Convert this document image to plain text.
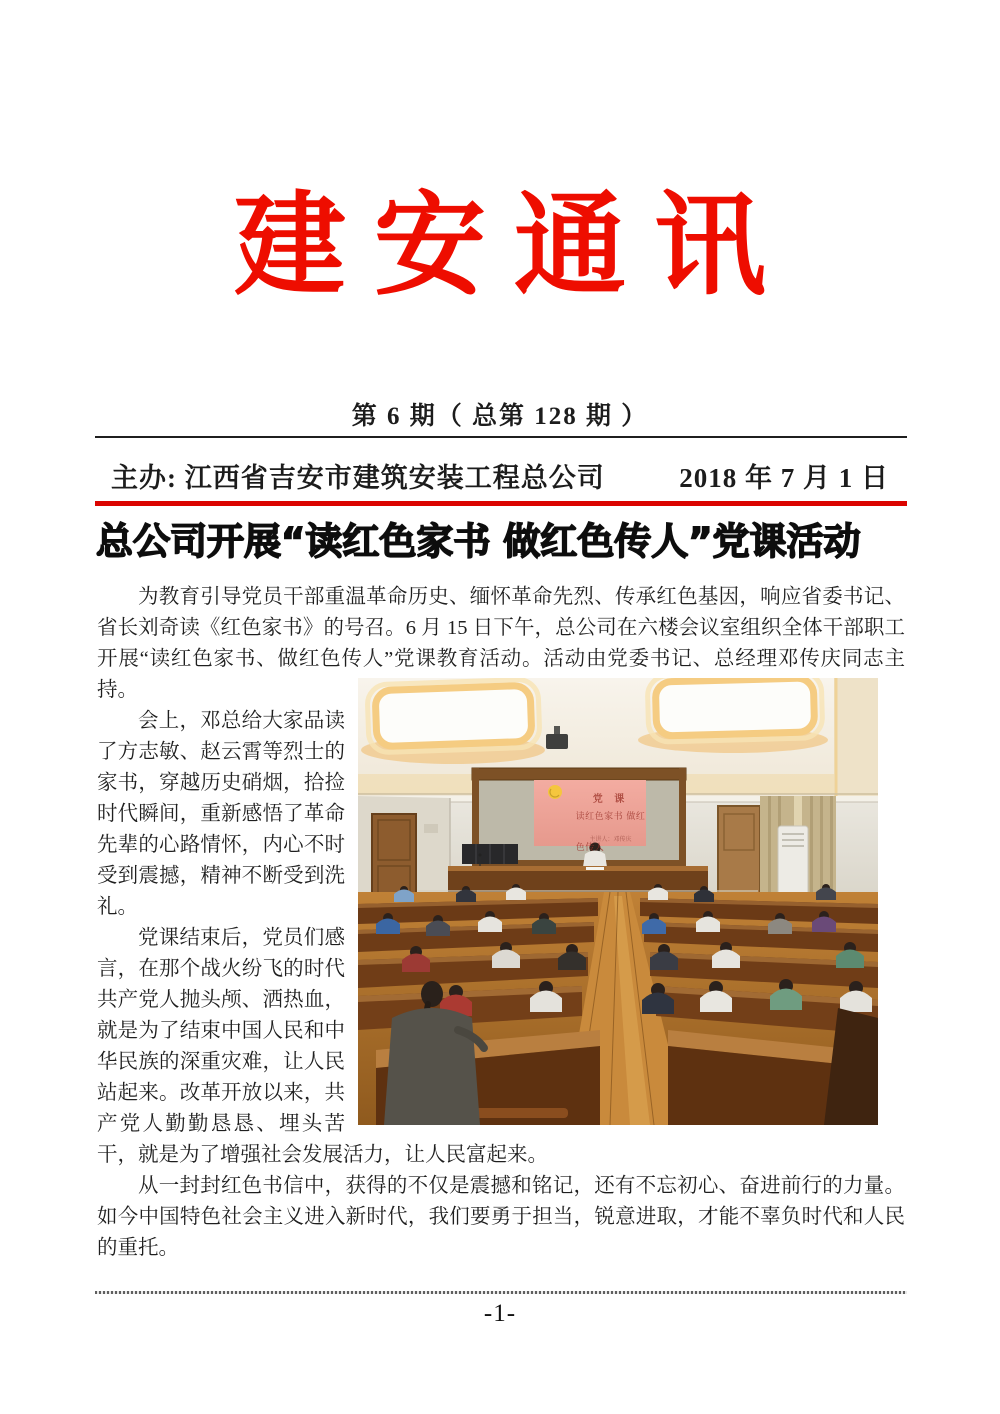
建 安 通 讯
第 6 期（ 总第 128 期 ）
主办: 江西省吉安市建筑安装工程总公司	2018 年 7 月 1 日
总公司开展“读红色家书 做红色传人”党课活动

为教育引导党员干部重温革命历史、缅怀革命先烈、传承红色基因，响应省委书记、省长刘奇读《红色家书》的号召。6 月 15 日下午，总公司在六楼会议室组织全体干部职工开展“读红色家书、做红色传人”党课教育活动。活动由党委书记、总经理邓传庆同志
党 课
读红色家书 做红色传人
主讲人：邓传庆
主持。

会上，邓总给大家品读了方志敏、赵云霄等烈士的家书，穿越历史硝烟，拾捡时代瞬间，重新感悟了革命先辈的心路情怀，内心不时受到震撼，精神不断受到洗礼。

党课结束后，党员们感言，在那个战火纷飞的时代共产党人抛头颅、洒热血，就是为了结束中国人民和中华民族的深重灾难，让人民站起来。改革开放以来，共产党人勤勤恳恳、埋头苦干，就是为了增强社会发展活力，让人民富起来。

从一封封红色书信中，获得的不仅是震撼和铭记，还有不忘初心、奋进前行的力量。如今中国特色社会主义进入新时代，我们要勇于担当，锐意进取，才能不辜负时代和人民的重托。

-1-
